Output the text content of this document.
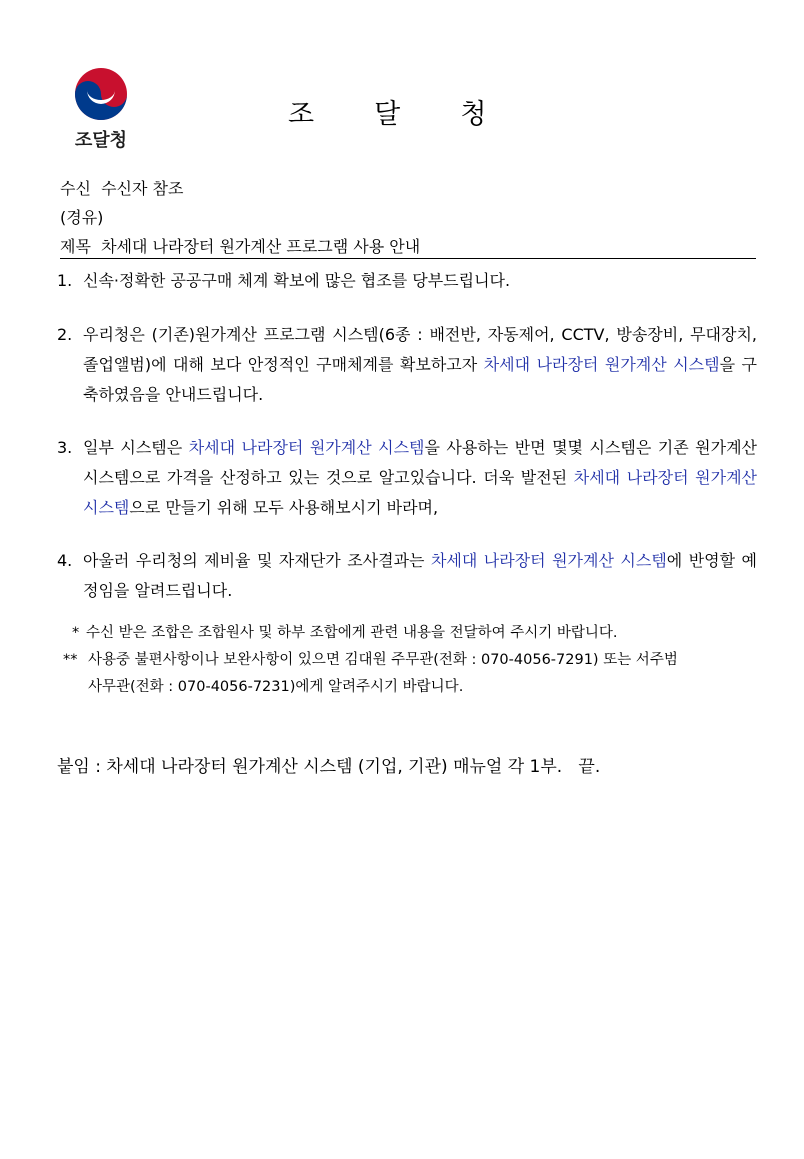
조달청
조       달       청
수신  수신자 참조
(경유)
제목  차세대 나라장터 원가계산 프로그램 사용 안내
1. 신속·정확한 공공구매 체계 확보에 많은 협조를 당부드립니다.
2. 우리청은 (기존)원가계산 프로그램 시스템(6종 : 배전반, 자동제어, CCTV, 방송장비, 무대장치, 졸업앨범)에 대해 보다 안정적인 구매체계를 확보하고자 차세대 나라장터 원가계산 시스템을 구축하였음을 안내드립니다.
3. 일부 시스템은 차세대 나라장터 원가계산 시스템을 사용하는 반면 몇몇 시스템은 기존 원가계산 시스템으로 가격을 산정하고 있는 것으로 알고있습니다. 더욱 발전된 차세대 나라장터 원가계산 시스템으로 만들기 위해 모두 사용해보시기 바라며,
4. 아울러 우리청의 제비율 및 자재단가 조사결과는 차세대 나라장터 원가계산 시스템에 반영할 예정임을 알려드립니다.
* 수신 받은 조합은 조합원사 및 하부 조합에게 관련 내용을 전달하여 주시기 바랍니다.
** 사용중 불편사항이나 보완사항이 있으면 김대원 주무관(전화 : 070-4056-7291) 또는 서주범
사무관(전화 : 070-4056-7231)에게 알려주시기 바랍니다.
붙임 : 차세대 나라장터 원가계산 시스템 (기업, 기관) 매뉴얼 각 1부.   끝.
